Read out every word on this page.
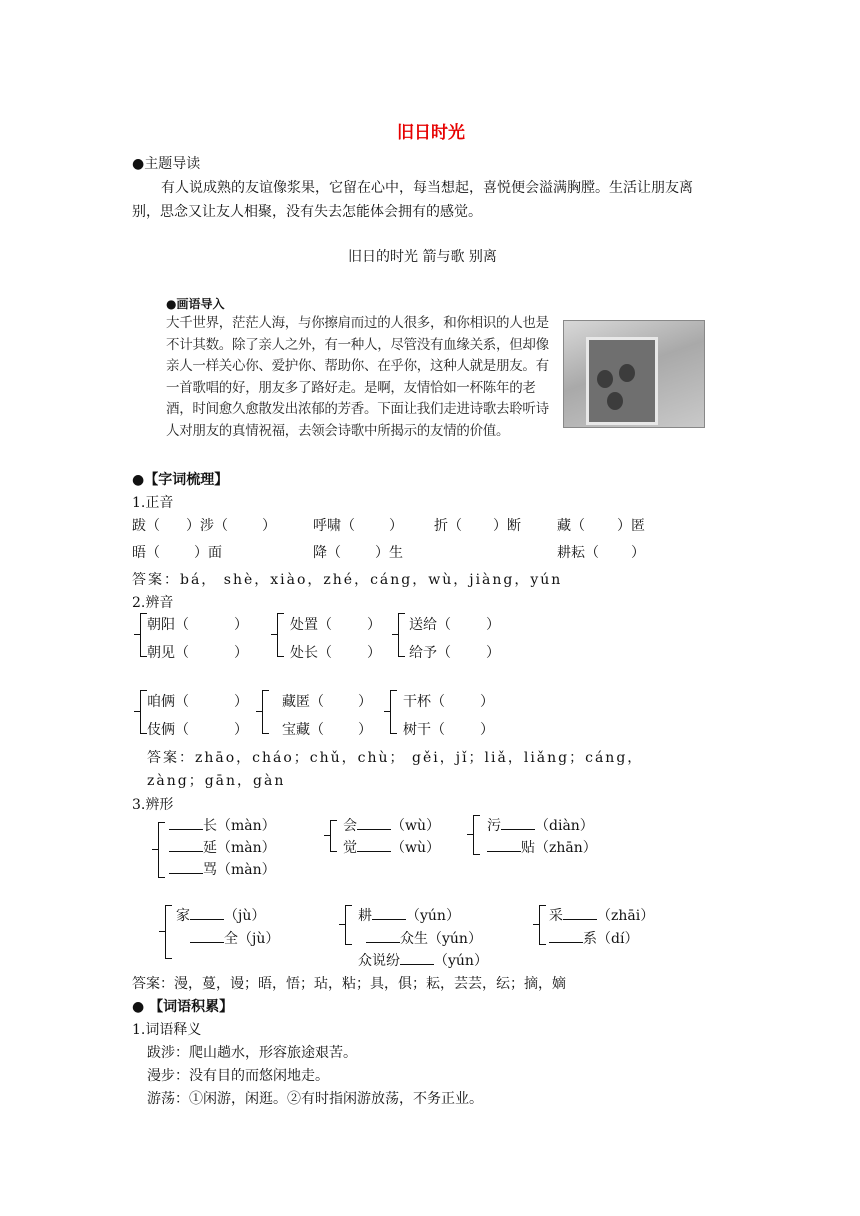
旧日时光
●主题导读
有人说成熟的友谊像浆果，它留在心中，每当想起，喜悦便会溢满胸膛。生活让朋友离
别，思念又让友人相聚，没有失去怎能体会拥有的感觉。
旧日的时光 箭与歌 别离
●画语导入
大千世界，茫茫人海，与你擦肩而过的人很多，和你相识的人也是不计其数。除了亲人之外，有一种人，尽管没有血缘关系，但却像亲人一样关心你、爱护你、帮助你、在乎你，这种人就是朋友。有一首歌唱的好，朋友多了路好走。是啊，友情恰如一杯陈年的老酒，时间愈久愈散发出浓郁的芳香。下面让我们走进诗歌去聆听诗人对朋友的真情祝福，去领会诗歌中所揭示的友情的价值。
●【字词梳理】
1.正音
跋（ ）涉（ ）	呼啸（ ） 折（ ）断	藏（ ）匿
晤（ ）面	降（ ）生	耕耘（ ）
答案：bá， shè，xiào，zhé，cáng，wù，jiàng，yún
2.辨音
朝阳（	）
朝见（	）
处置（	）
处长（	）
送给（	）
给予（	）
咱俩（	）
伎俩（	）
藏匿（ ）
宝藏（ ）
干杯（	）
树干（	）
答案：zhāo，cháo；chǔ，chù； gěi，jǐ；liǎ，liǎng；cáng，
zàng；gān，gàn
3.辨形
长（màn）
延（màn）
骂（màn）
会 （wù）
觉 （wù）
污 （diàn）
贴（zhān）
家 （jù）
全（jù）
耕 （yún）
众生（yún）
众说纷 （yún）
采 （zhāi）
系（dí）
答案：漫，蔓，谩；晤，悟；玷，粘；具，俱；耘，芸芸，纭；摘，嫡
● 【词语积累】
1.词语释义
跋涉：爬山趟水，形容旅途艰苦。
漫步：没有目的而悠闲地走。
游荡：①闲游，闲逛。②有时指闲游放荡，不务正业。
